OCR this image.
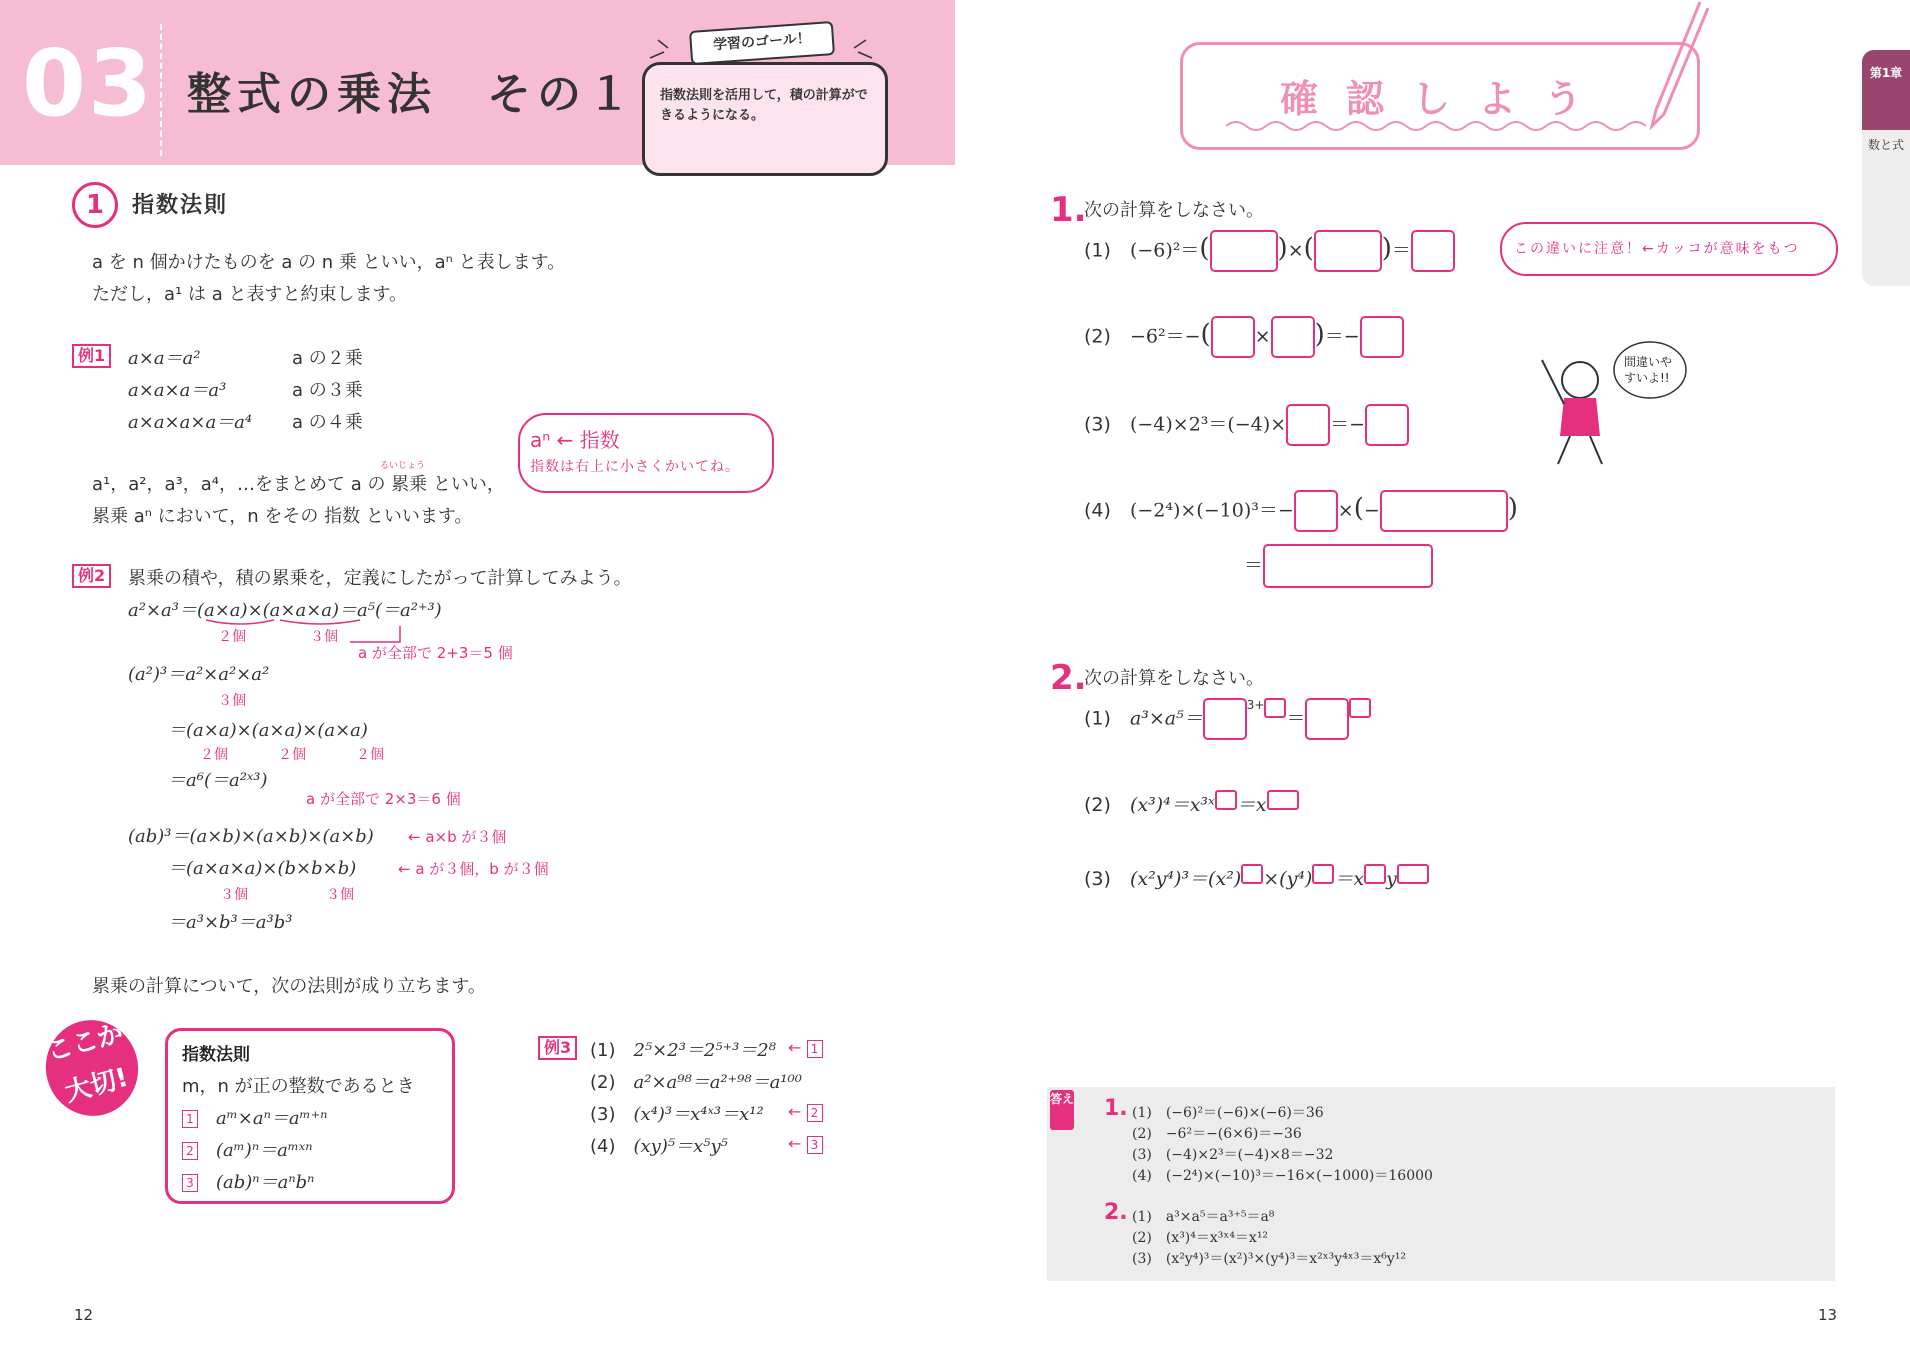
03 整式の乗法　その１
学習のゴール！
指数法則を活用して，積の計算ができるようになる。
1	指数法則
a を n 個かけたものを a の n 乗 といい，aⁿ と表します。
ただし，a¹ は a と表すと約束します。
例1	a×a＝a²	a の２乗
a×a×a＝a³	a の３乗
a×a×a×a＝a⁴ a の４乗
aⁿ ← 指数
指数は右上に小さくかいてね。
るいじょう
a¹，a²，a³，a⁴，…をまとめて a の 累乗 といい，
累乗 aⁿ において，n をその 指数 といいます。
例2	累乗の積や，積の累乗を，定義にしたがって計算してみよう。
a²×a³＝(a×a)×(a×a×a)＝a⁵(＝a²⁺³)
２個	３個
a が全部で 2+3＝5 個
(a²)³＝a²×a²×a²
３個
＝(a×a)×(a×a)×(a×a)
２個	２個	２個
＝a⁶(＝a²ˣ³)
a が全部で 2×3＝6 個
(ab)³＝(a×b)×(a×b)×(a×b) ← a×b が３個
＝(a×a×a)×(b×b×b)	← a が３個，b が３個
３個	３個
＝a³×b³＝a³b³
累乗の計算について，次の法則が成り立ちます。
ここが大切!
指数法則
m，n が正の整数であるとき
1　 aᵐ×aⁿ＝aᵐ⁺ⁿ
2　 (aᵐ)ⁿ＝aᵐˣⁿ
3　 (ab)ⁿ＝aⁿbⁿ
例3	(1)　 2⁵×2³＝2⁵⁺³＝2⁸
(2)　 a²×a⁹⁸＝a²⁺⁹⁸＝a¹⁰⁰
(3)　 (x⁴)³＝x⁴ˣ³＝x¹²
(4)　 (xy)⁵＝x⁵y⁵
← 1
← 2
← 3
12
確認しよう
第1章
数と式
1.
次の計算をしなさい。
(1)　 (−6)²＝(	)×(	)＝	この違いに注意！←カッコが意味をもつ
(2)　 −6²＝−( × )＝−
間違いやすいよ!!
(3)　 (−4)×2³＝(−4)× ＝−
(4)　 (−2⁴)×(−10)³＝− ×(−	)
＝
2.
次の計算をしなさい。
(1)　 a³×a⁵＝$^{3+}$＝
(2)　 (x³)⁴＝x³ˣ ＝x
(3)　 (x²y⁴)³＝(x²) ×(y⁴) ＝x y
答え 1. (1)　(−6)²＝(−6)×(−6)＝36
(2)　−6²＝−(6×6)＝−36
(3)　(−4)×2³＝(−4)×8＝−32
(4)　(−2⁴)×(−10)³＝−16×(−1000)＝16000
2. (1)　a³×a⁵＝a³⁺⁵＝a⁸
(2)　(x³)⁴＝x³ˣ⁴＝x¹²
(3)　(x²y⁴)³＝(x²)³×(y⁴)³＝x²ˣ³y⁴ˣ³＝x⁶y¹²
13
